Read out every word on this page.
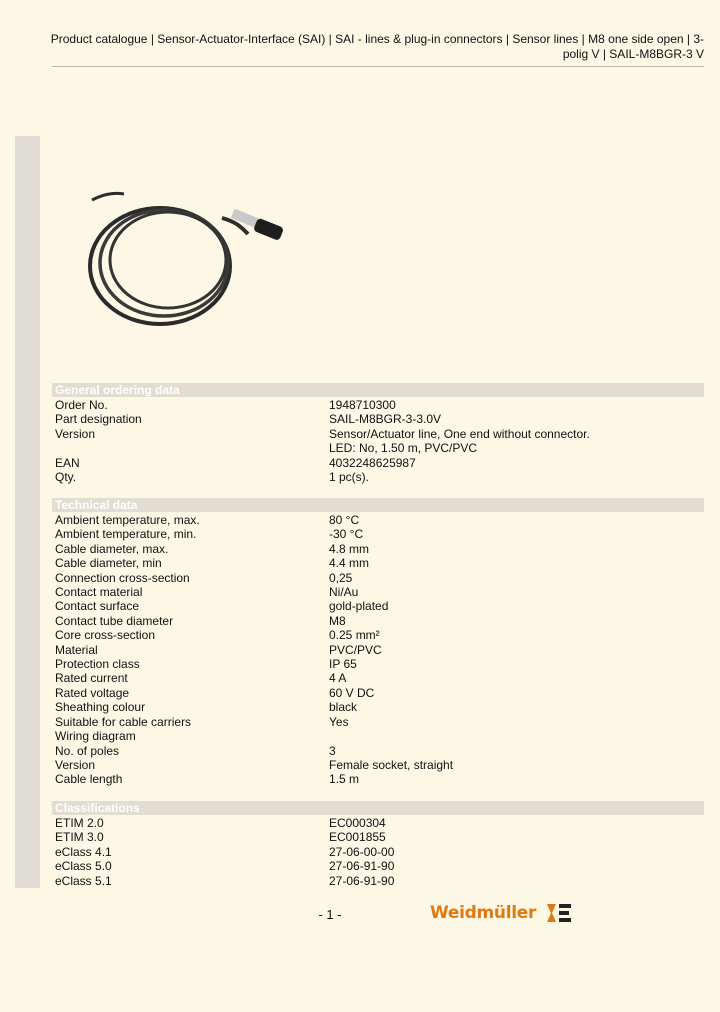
Product catalogue | Sensor-Actuator-Interface (SAI) | SAI - lines & plug-in connectors | Sensor lines | M8 one side open | 3-polig V | SAIL-M8BGR-3 V
General ordering data
Order No.	1948710300
Part designation	SAIL-M8BGR-3-3.0V
Version	Sensor/Actuator line, One end without connector.
LED: No, 1.50 m, PVC/PVC
EAN	4032248625987
Qty.	1 pc(s).
Technical data
Ambient temperature, max.	80 °C
Ambient temperature, min.	-30 °C
Cable diameter, max.	4.8 mm
Cable diameter, min	4.4 mm
Connection cross-section	0,25
Contact material	Ni/Au
Contact surface	gold-plated
Contact tube diameter	M8
Core cross-section	0.25 mm²
Material	PVC/PVC
Protection class	IP 65
Rated current	4 A
Rated voltage	60 V DC
Sheathing colour	black
Suitable for cable carriers	Yes
Wiring diagram
No. of poles	3
Version	Female socket, straight
Cable length	1.5 m
Classifications
ETIM 2.0	EC000304
ETIM 3.0	EC001855
eClass 4.1	27-06-00-00
eClass 5.0	27-06-91-90
eClass 5.1	27-06-91-90
- 1 -	Weidmüller
